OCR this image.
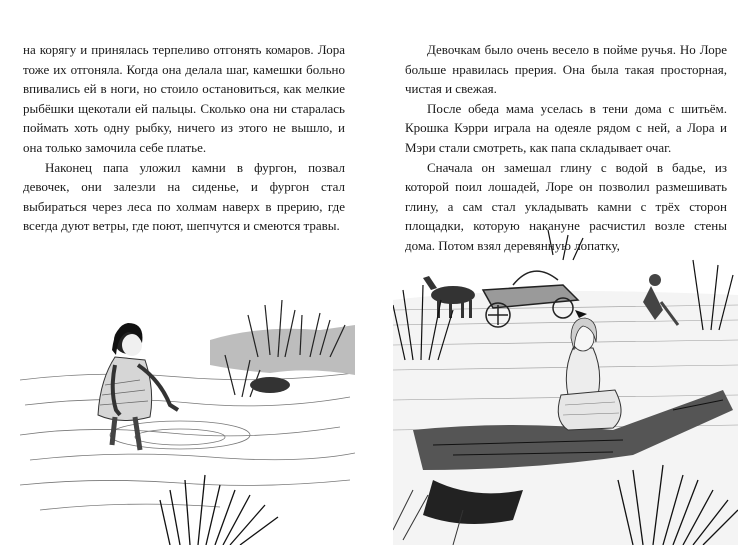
на корягу и принялась терпеливо отгонять комаров. Лора тоже их отгоняла. Когда она делала шаг, камешки больно впивались ей в ноги, но стоило остановиться, как мелкие рыбёшки щекотали ей пальцы. Сколько она ни старалась поймать хоть одну рыбку, ничего из этого не вышло, и она только замочила себе платье.

Наконец папа уложил камни в фургон, позвал девочек, они залезли на сиденье, и фургон стал выбираться через леса по холмам наверх в прерию, где всегда дуют ветры, где поют, шепчутся и смеются травы.

Девочкам было очень весело в пойме ручья. Но Лоре больше нравилась прерия. Она была такая просторная, чистая и свежая.

После обеда мама уселась в тени дома с шитьём. Крошка Кэрри играла на одеяле рядом с ней, а Лора и Мэри стали смотреть, как папа складывает очаг.

Сначала он замешал глину с водой в бадье, из которой поил лошадей, Лоре он позволил размешивать глину, а сам стал укладывать камни с трёх сторон площадки, которую накануне расчистил возле стены дома. Потом взял деревянную лопатку,
